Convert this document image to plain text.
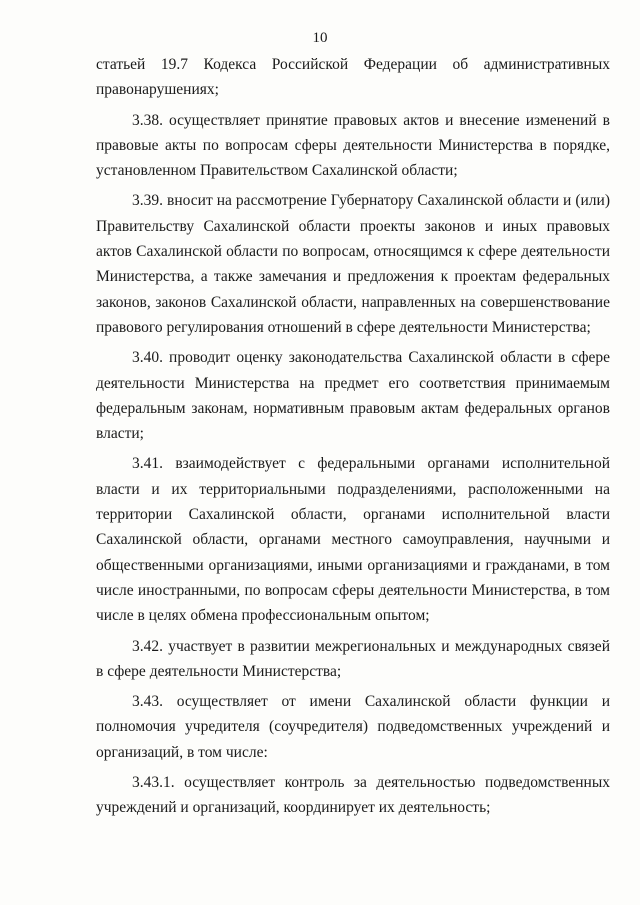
10

статьей 19.7 Кодекса Российской Федерации об административных правонарушениях;

3.38. осуществляет принятие правовых актов и внесение изменений в правовые акты по вопросам сферы деятельности Министерства в порядке, установленном Правительством Сахалинской области;

3.39. вносит на рассмотрение Губернатору Сахалинской области и (или) Правительству Сахалинской области проекты законов и иных правовых актов Сахалинской области по вопросам, относящимся к сфере деятельности Министерства, а также замечания и предложения к проектам федеральных законов, законов Сахалинской области, направленных на совершенствование правового регулирования отношений в сфере деятельности Министерства;

3.40. проводит оценку законодательства Сахалинской области в сфере деятельности Министерства на предмет его соответствия принимаемым федеральным законам, нормативным правовым актам федеральных органов власти;

3.41. взаимодействует с федеральными органами исполнительной власти и их территориальными подразделениями, расположенными на территории Сахалинской области, органами исполнительной власти Сахалинской области, органами местного самоуправления, научными и общественными организациями, иными организациями и гражданами, в том числе иностранными, по вопросам сферы деятельности Министерства, в том числе в целях обмена профессиональным опытом;

3.42. участвует в развитии межрегиональных и международных связей в сфере деятельности Министерства;

3.43. осуществляет от имени Сахалинской области функции и полномочия учредителя (соучредителя) подведомственных учреждений и организаций, в том числе:

3.43.1. осуществляет контроль за деятельностью подведомственных учреждений и организаций, координирует их деятельность;
